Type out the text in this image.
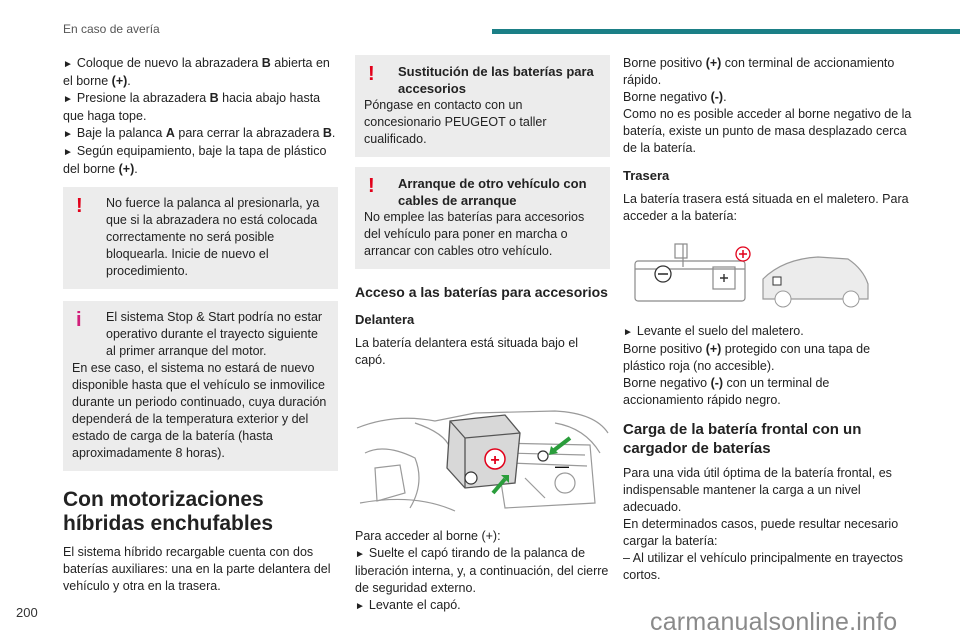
En caso de avería

► Coloque de nuevo la abrazadera B abierta en el borne (+).

► Presione la abrazadera B hacia abajo hasta que haga tope.

► Baje la palanca A para cerrar la abrazadera B.

► Según equipamiento, baje la tapa de plástico del borne (+).

!	No fuerce la palanca al presionarla, ya que si la abrazadera no está colocada correctamente no será posible bloquearla. Inicie de nuevo el procedimiento.
i	El sistema Stop & Start podría no estar operativo durante el trayecto siguiente al primer arranque del motor.
En ese caso, el sistema no estará de nuevo disponible hasta que el vehículo se inmovilice durante un periodo continuado, cuya duración dependerá de la temperatura exterior y del estado de carga de la batería (hasta aproximadamente 8 horas).
Con motorizaciones híbridas enchufables

El sistema híbrido recargable cuenta con dos baterías auxiliares: una en la parte delantera del vehículo y otra en la trasera.

!	Sustitución de las baterías para accesorios
Póngase en contacto con un concesionario PEUGEOT o taller cualificado.
!	Arranque de otro vehículo con cables de arranque
No emplee las baterías para accesorios del vehículo para poner en marcha o arrancar con cables otro vehículo.
Acceso a las baterías para accesorios
Delantera

La batería delantera está situada bajo el capó.

+	—

Para acceder al borne (+):

► Suelte el capó tirando de la palanca de liberación interna, y, a continuación, del cierre de seguridad externo.

► Levante el capó.

Borne positivo (+) con terminal de accionamiento rápido.

Borne negativo (-).

Como no es posible acceder al borne negativo de la batería, existe un punto de masa desplazado cerca de la batería.

Trasera

La batería trasera está situada en el maletero. Para acceder a la batería:

► Levante el suelo del maletero.

Borne positivo (+) protegido con una tapa de plástico roja (no accesible).

Borne negativo (-) con un terminal de accionamiento rápido negro.

Carga de la batería frontal con un cargador de baterías

Para una vida útil óptima de la batería frontal, es indispensable mantener la carga a un nivel adecuado.

En determinados casos, puede resultar necesario cargar la batería:

– Al utilizar el vehículo principalmente en trayectos cortos.

200	carmanualsonline.info
